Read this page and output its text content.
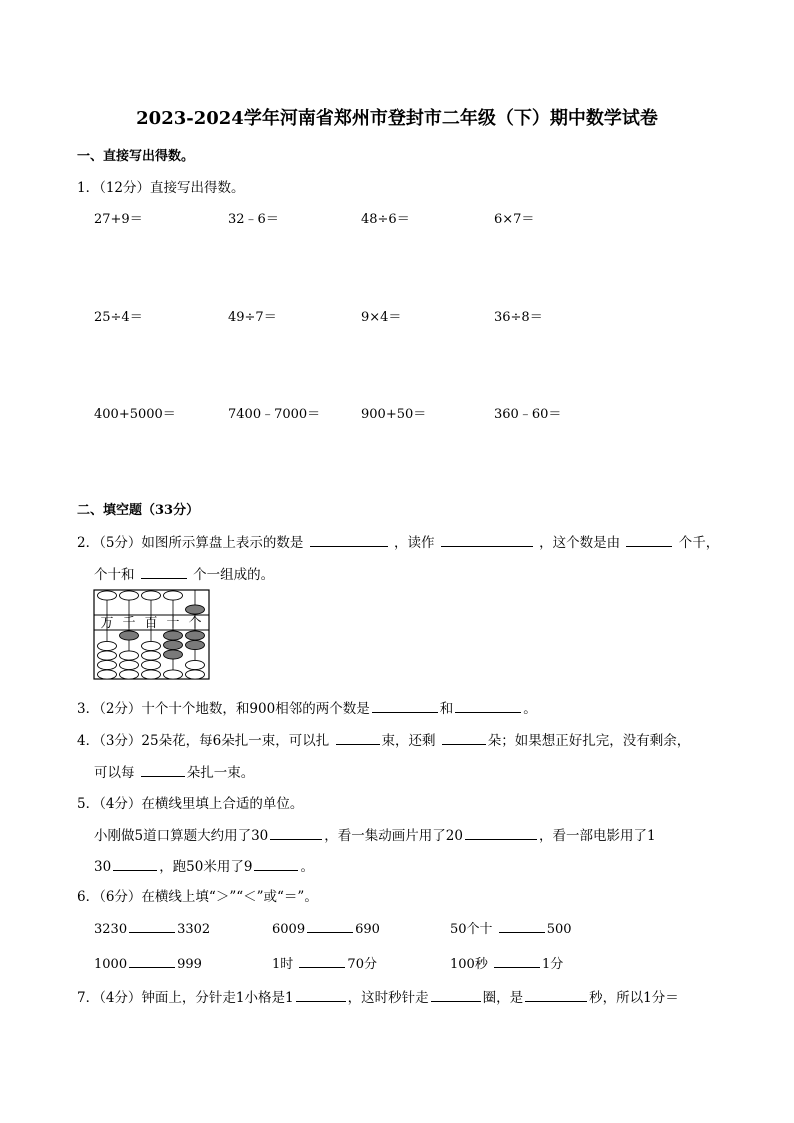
2023-2024学年河南省郑州市登封市二年级（下）期中数学试卷
一、直接写出得数。
1．（12分）直接写出得数。
27+9＝	32﹣6＝	48÷6＝	6×7＝
25÷4＝	49÷7＝	9×4＝	36÷8＝
400+5000＝	7400﹣7000＝	900+50＝	360﹣60＝
二、填空题（33分）
2．（5分）如图所示算盘上表示的数是	，读作	，这个数是由	个千，
个十和	个一组成的。
万 千 百 十 个
3．（2分）十个十个地数，和900相邻的两个数是	和	。
4．（3分）25朵花，每6朵扎一束，可以扎	束，还剩	朵；如果想正好扎完，没有剩余，
可以每	朵扎一束。
5．（4分）在横线里填上合适的单位。
小刚做5道口算题大约用了30	，看一集动画片用了20	，看一部电影用了1
30	，跑50米用了9	。
6．（6分）在横线上填“＞”“＜”或“＝”。
3230	3302	6009	690	50个十	500
1000	999	1时	70分	100秒	1分
7．（4分）钟面上，分针走1小格是1	，这时秒针走	圈，是	秒，所以1分＝
